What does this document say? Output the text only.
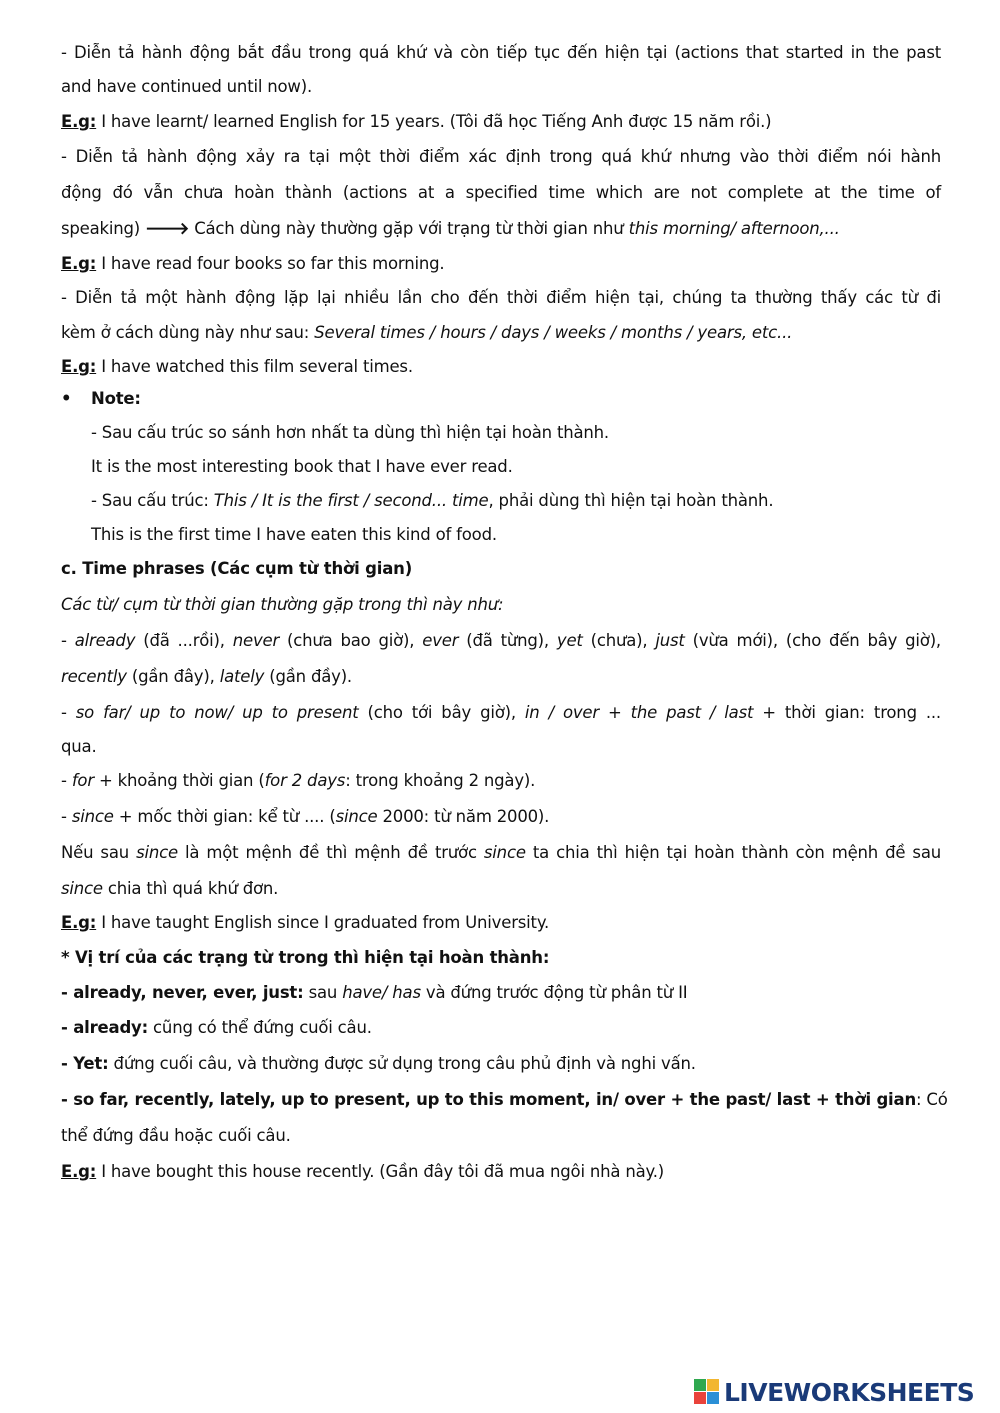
- Diễn tả hành động bắt đầu trong quá khứ và còn tiếp tục đến hiện tại (actions that started in the past
and have continued until now).
E.g: I have learnt/ learned English for 15 years. (Tôi đã học Tiếng Anh được 15 năm rồi.)
- Diễn tả hành động xảy ra tại một thời điểm xác định trong quá khứ nhưng vào thời điểm nói hành
động đó vẫn chưa hoàn thành (actions at a specified time which are not complete at the time of
speaking) 🡒 Cách dùng này thường gặp với trạng từ thời gian như this morning/ afternoon,...
E.g: I have read four books so far this morning.
- Diễn tả một hành động lặp lại nhiều lần cho đến thời điểm hiện tại, chúng ta thường thấy các từ đi
kèm ở cách dùng này như sau: Several times / hours / days / weeks / months / years, etc...
E.g: I have watched this film several times.
• Note:
- Sau cấu trúc so sánh hơn nhất ta dùng thì hiện tại hoàn thành.
It is the most interesting book that I have ever read.
- Sau cấu trúc: This / It is the first / second... time, phải dùng thì hiện tại hoàn thành.
This is the first time I have eaten this kind of food.
c. Time phrases (Các cụm từ thời gian)
Các từ/ cụm từ thời gian thường gặp trong thì này như:
- already (đã ...rồi), never (chưa bao giờ), ever (đã từng), yet (chưa), just (vừa mới), (cho đến bây giờ),
recently (gần đây), lately (gần đầy).
- so far/ up to now/ up to present (cho tới bây giờ), in / over + the past / last + thời gian: trong ...
qua.
- for + khoảng thời gian (for 2 days: trong khoảng 2 ngày).
- since + mốc thời gian: kể từ .... (since 2000: từ năm 2000).
Nếu sau since là một mệnh đề thì mệnh đề trước since ta chia thì hiện tại hoàn thành còn mệnh đề sau
since chia thì quá khứ đơn.
E.g: I have taught English since I graduated from University.
* Vị trí của các trạng từ trong thì hiện tại hoàn thành:
- already, never, ever, just: sau have/ has và đứng trước động từ phân từ II
- already: cũng có thể đứng cuối câu.
- Yet: đứng cuối câu, và thường được sử dụng trong câu phủ định và nghi vấn.
- so far, recently, lately, up to present, up to this moment, in/ over + the past/ last + thời gian: Có
thể đứng đầu hoặc cuối câu.
E.g: I have bought this house recently. (Gần đây tôi đã mua ngôi nhà này.)
LIVEWORKSHEETS
